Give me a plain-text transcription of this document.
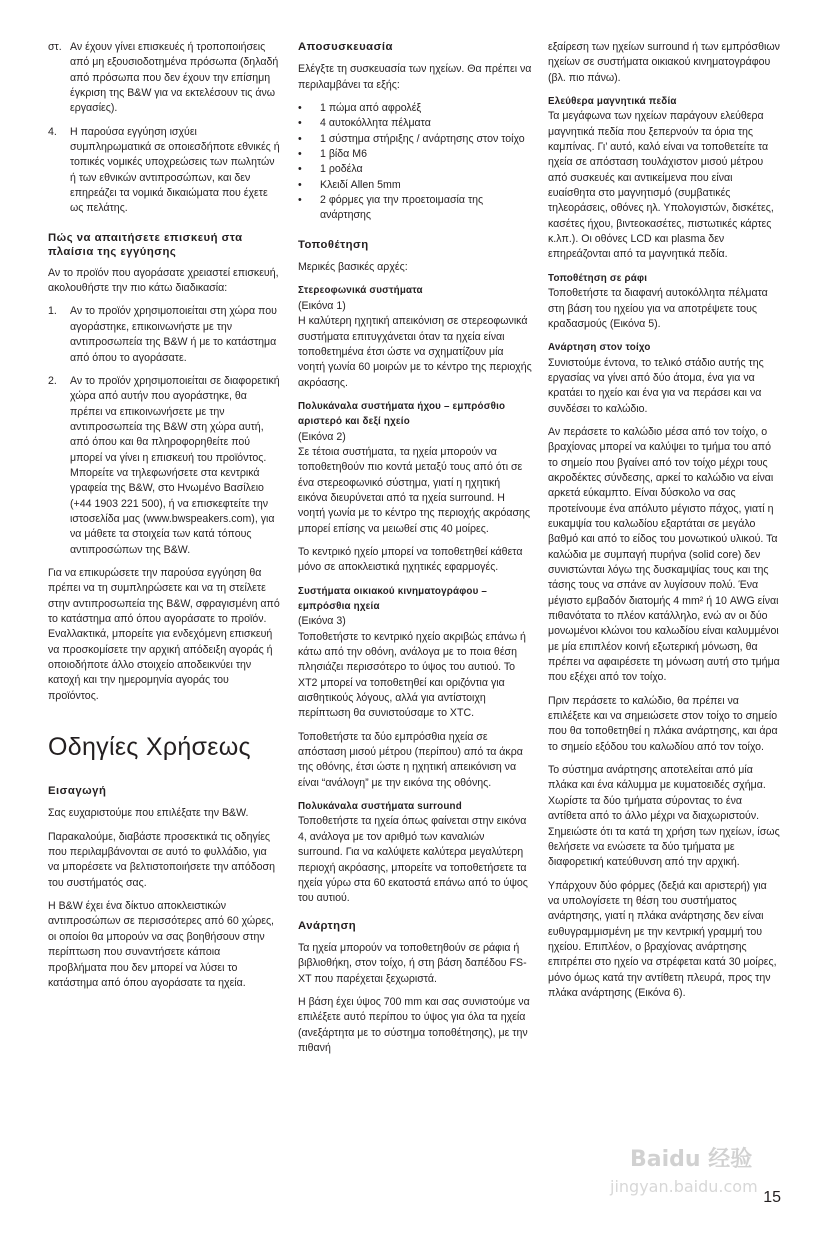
στ. Αν έχουν γίνει επισκευές ή τροποποιήσεις από μη εξουσιοδοτημένα πρόσωπα (δηλαδή από πρόσωπα που δεν έχουν την επίσημη έγκριση της B&W για να εκτελέσουν τις άνω εργασίες).
4. Η παρούσα εγγύηση ισχύει συμπληρωματικά σε οποιεσδήποτε εθνικές ή τοπικές νομικές υποχρεώσεις των πωλητών ή των εθνικών αντιπροσώπων, και δεν επηρεάζει τα νομικά δικαιώματα που έχετε ως πελάτης.
Πώς να απαιτήσετε επισκευή στα πλαίσια της εγγύησης

Αν το προϊόν που αγοράσατε χρειαστεί επισκευή, ακολουθήστε την πιο κάτω διαδικασία:

1. Αν το προϊόν χρησιμοποιείται στη χώρα που αγοράστηκε, επικοινωνήστε με την αντιπροσωπεία της B&W ή με το κατάστημα από όπου το αγοράσατε.
2. Αν το προϊόν χρησιμοποιείται σε διαφορετική χώρα από αυτήν που αγοράστηκε, θα πρέπει να επικοινωνήσετε με την αντιπροσωπεία της B&W στη χώρα αυτή, από όπου και θα πληροφορηθείτε πού μπορεί να γίνει η επισκευή του προϊόντος. Μπορείτε να τηλεφωνήσετε στα κεντρικά γραφεία της B&W, στο Ηνωμένο Βασίλειο (+44 1903 221 500), ή να επισκεφτείτε την ιστοσελίδα μας (www.bwspeakers.com), για να μάθετε τα στοιχεία των κατά τόπους αντιπροσώπων της B&W.

Για να επικυρώσετε την παρούσα εγγύηση θα πρέπει να τη συμπληρώσετε και να τη στείλετε στην αντιπροσωπεία της B&W, σφραγισμένη από το κατάστημα από όπου αγοράσατε το προϊόν. Εναλλακτικά, μπορείτε για ενδεχόμενη επισκευή να προσκομίσετε την αρχική απόδειξη αγοράς ή οποιοδήποτε άλλο στοιχείο αποδεικνύει την κατοχή και την ημερομηνία αγοράς του προϊόντος.

Οδηγίες Χρήσεως
Εισαγωγή

Σας ευχαριστούμε που επιλέξατε την B&W.

Παρακαλούμε, διαβάστε προσεκτικά τις οδηγίες που περιλαμβάνονται σε αυτό το φυλλάδιο, για να μπορέσετε να βελτιστοποιήσετε την απόδοση του συστήματός σας.

Η B&W έχει ένα δίκτυο αποκλειστικών αντιπροσώπων σε περισσότερες από 60 χώρες, οι οποίοι θα μπορούν να σας βοηθήσουν στην περίπτωση που συναντήσετε κάποια προβλήματα που δεν μπορεί να λύσει το κατάστημα από όπου αγοράσατε τα ηχεία.

Αποσυσκευασία

Ελέγξτε τη συσκευασία των ηχείων. Θα πρέπει να περιλαμβάνει τα εξής:

• 1 πώμα από αφρολέξ
• 4 αυτοκόλλητα πέλματα
• 1 σύστημα στήριξης / ανάρτησης στον τοίχο
• 1 βίδα M6
• 1 ροδέλα
• Κλειδί Allen 5mm
• 2 φόρμες για την προετοιμασία της ανάρτησης
Τοποθέτηση

Μερικές βασικές αρχές:

Στερεοφωνικά συστήματα

(Εικόνα 1)
Η καλύτερη ηχητική απεικόνιση σε στερεοφωνικά συστήματα επιτυγχάνεται όταν τα ηχεία είναι τοποθετημένα έτσι ώστε να σχηματίζουν μία νοητή γωνία 60 μοιρών με το κέντρο της περιοχής ακρόασης.

Πολυκάναλα συστήματα ήχου – εμπρόσθιο αριστερό και δεξί ηχείο

(Εικόνα 2)
Σε τέτοια συστήματα, τα ηχεία μπορούν να τοποθετηθούν πιο κοντά μεταξύ τους από ότι σε ένα στερεοφωνικό σύστημα, γιατί η ηχητική εικόνα διευρύνεται από τα ηχεία surround. Η νοητή γωνία με το κέντρο της περιοχής ακρόασης μπορεί επίσης να μειωθεί στις 40 μοίρες.

Το κεντρικό ηχείο μπορεί να τοποθετηθεί κάθετα μόνο σε αποκλειστικά ηχητικές εφαρμογές.

Συστήματα οικιακού κινηματογράφου – εμπρόσθια ηχεία

(Εικόνα 3)
Τοποθετήστε το κεντρικό ηχείο ακριβώς επάνω ή κάτω από την οθόνη, ανάλογα με το ποια θέση πλησιάζει περισσότερο το ύψος του αυτιού. Το XT2 μπορεί να τοποθετηθεί και οριζόντια για αισθητικούς λόγους, αλλά για αντίστοιχη περίπτωση θα συνιστούσαμε το XTC.

Τοποθετήστε τα δύο εμπρόσθια ηχεία σε απόσταση μισού μέτρου (περίπου) από τα άκρα της οθόνης, έτσι ώστε η ηχητική απεικόνιση να είναι “ανάλογη” με την εικόνα της οθόνης.

Πολυκάναλα συστήματα surround

Τοποθετήστε τα ηχεία όπως φαίνεται στην εικόνα 4, ανάλογα με τον αριθμό των καναλιών surround. Για να καλύψετε καλύτερα μεγαλύτερη περιοχή ακρόασης, μπορείτε να τοποθετήσετε τα ηχεία γύρω στα 60 εκατοστά επάνω από το ύψος του αυτιού.

Ανάρτηση

Τα ηχεία μπορούν να τοποθετηθούν σε ράφια ή βιβλιοθήκη, στον τοίχο, ή στη βάση δαπέδου FS-XT που παρέχεται ξεχωριστά.

Η βάση έχει ύψος 700 mm και σας συνιστούμε να επιλέξετε αυτό περίπου το ύψος για όλα τα ηχεία (ανεξάρτητα με το σύστημα τοποθέτησης), με την πιθανή

εξαίρεση των ηχείων surround ή των εμπρόσθιων ηχείων σε συστήματα οικιακού κινηματογράφου (βλ. πιο πάνω).

Ελεύθερα μαγνητικά πεδία

Τα μεγάφωνα των ηχείων παράγουν ελεύθερα μαγνητικά πεδία που ξεπερνούν τα όρια της καμπίνας. Γι’ αυτό, καλό είναι να τοποθετείτε τα ηχεία σε απόσταση τουλάχιστον μισού μέτρου από συσκευές και αντικείμενα που είναι ευαίσθητα στο μαγνητισμό (συμβατικές τηλεοράσεις, οθόνες ηλ. Υπολογιστών, δισκέτες, κασέτες ήχου, βιντεοκασέτες, πιστωτικές κάρτες κ.λπ.). Οι οθόνες LCD και plasma δεν επηρεάζονται από τα μαγνητικά πεδία.

Τοποθέτηση σε ράφι

Τοποθετήστε τα διαφανή αυτοκόλλητα πέλματα στη βάση του ηχείου για να αποτρέψετε τους κραδασμούς (Εικόνα 5).

Ανάρτηση στον τοίχο

Συνιστούμε έντονα, το τελικό στάδιο αυτής της εργασίας να γίνει από δύο άτομα, ένα για να κρατάει το ηχείο και ένα για να περάσει και να συνδέσει το καλώδιο.

Αν περάσετε το καλώδιο μέσα από τον τοίχο, ο βραχίονας μπορεί να καλύψει το τμήμα του από το σημείο που βγαίνει από τον τοίχο μέχρι τους ακροδέκτες σύνδεσης, αρκεί το καλώδιο να είναι αρκετά εύκαμπτο. Είναι δύσκολο να σας προτείνουμε ένα απόλυτο μέγιστο πάχος, γιατί η ευκαμψία του καλωδίου εξαρτάται σε μεγάλο βαθμό και από το είδος του μονωτικού υλικού. Τα καλώδια με συμπαγή πυρήνα (solid core) δεν συνιστώνται λόγω της δυσκαμψίας τους και της τάσης τους να σπάνε αν λυγίσουν πολύ. Ένα μέγιστο εμβαδόν διατομής 4 mm² ή 10 AWG είναι πιθανότατα το πλέον κατάλληλο, ενώ αν οι δύο μονωμένοι κλώνοι του καλωδίου είναι καλυμμένοι με μία επιπλέον κοινή εξωτερική μόνωση, θα πρέπει να αφαιρέσετε τη μόνωση αυτή στο τμήμα που εξέχει από τον τοίχο.

Πριν περάσετε το καλώδιο, θα πρέπει να επιλέξετε και να σημειώσετε στον τοίχο το σημείο που θα τοποθετηθεί η πλάκα ανάρτησης, και άρα το σημείο εξόδου του καλωδίου από τον τοίχο.

Το σύστημα ανάρτησης αποτελείται από μία πλάκα και ένα κάλυμμα με κυματοειδές σχήμα. Χωρίστε τα δύο τμήματα σύροντας το ένα αντίθετα από το άλλο μέχρι να διαχωριστούν. Σημειώστε ότι τα κατά τη χρήση των ηχείων, ίσως θελήσετε να ενώσετε τα δύο τμήματα με διαφορετική κατεύθυνση από την αρχική.

Υπάρχουν δύο φόρμες (δεξιά και αριστερή) για να υπολογίσετε τη θέση του συστήματος ανάρτησης, γιατί η πλάκα ανάρτησης δεν είναι ευθυγραμμισμένη με την κεντρική γραμμή του ηχείου. Επιπλέον, ο βραχίονας ανάρτησης επιτρέπει στο ηχείο να στρέφεται κατά 30 μοίρες, μόνο όμως κατά την αντίθετη πλευρά, προς την πλάκα ανάρτησης (Εικόνα 6).

Baidu 经验
jingyan.baidu.com
15
